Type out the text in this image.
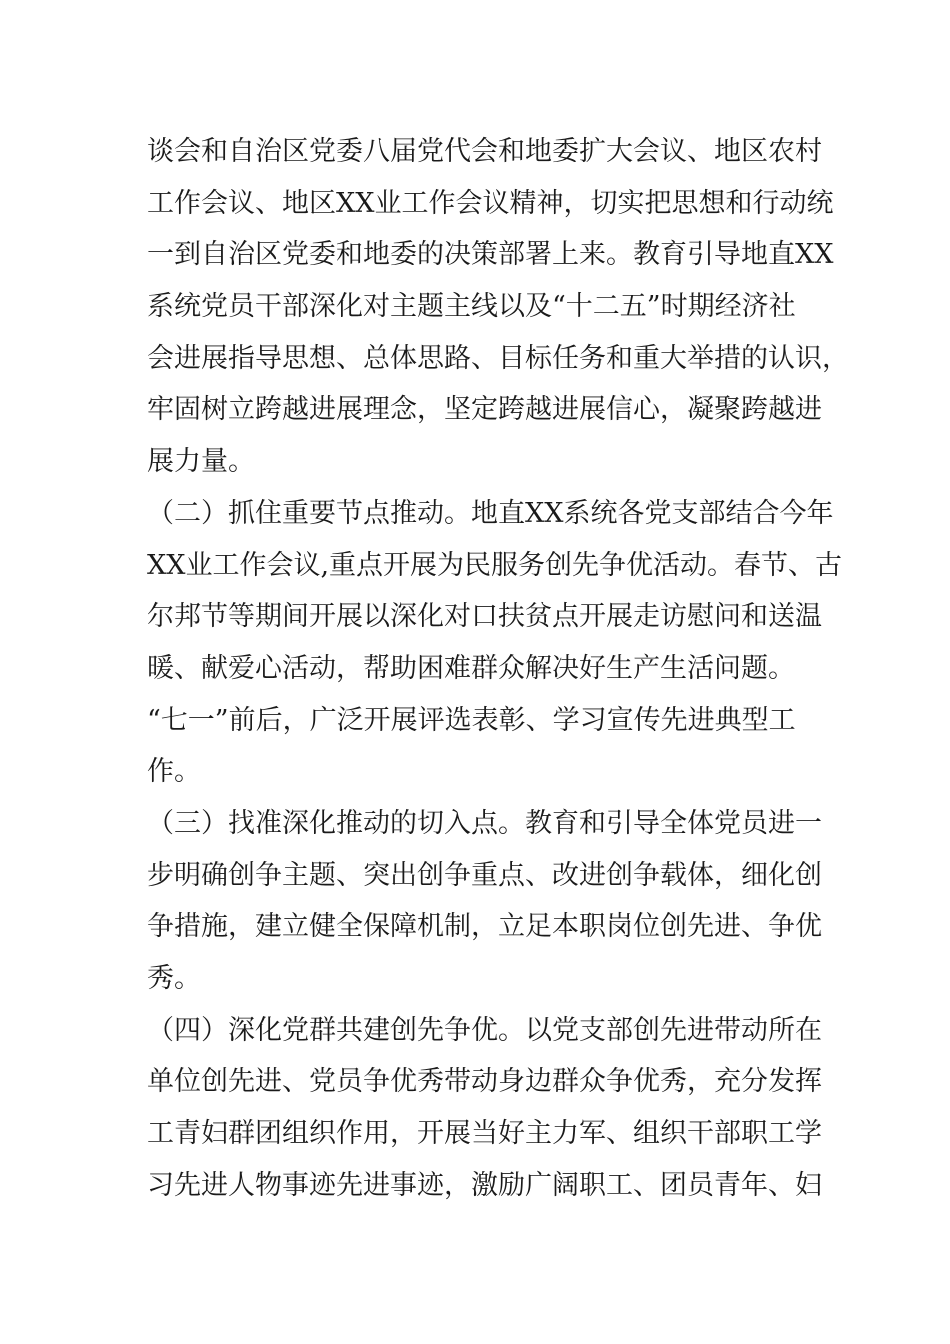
谈会和自治区党委八届党代会和地委扩大会议、地区农村
工作会议、地区XX业工作会议精神，切实把思想和行动统
一到自治区党委和地委的决策部署上来。教育引导地直XX
系统党员干部深化对主题主线以及“十二五”时期经济社
会进展指导思想、总体思路、目标任务和重大举措的认识，
牢固树立跨越进展理念，坚定跨越进展信心，凝聚跨越进
展力量。
（二）抓住重要节点推动。地直XX系统各党支部结合今年
XX业工作会议,重点开展为民服务创先争优活动。春节、古
尔邦节等期间开展以深化对口扶贫点开展走访慰问和送温
暖、献爱心活动，帮助困难群众解决好生产生活问题。
“七一”前后，广泛开展评选表彰、学习宣传先进典型工
作。
（三）找准深化推动的切入点。教育和引导全体党员进一
步明确创争主题、突出创争重点、改进创争载体，细化创
争措施，建立健全保障机制，立足本职岗位创先进、争优
秀。
（四）深化党群共建创先争优。以党支部创先进带动所在
单位创先进、党员争优秀带动身边群众争优秀，充分发挥
工青妇群团组织作用，开展当好主力军、组织干部职工学
习先进人物事迹先进事迹，激励广阔职工、团员青年、妇
